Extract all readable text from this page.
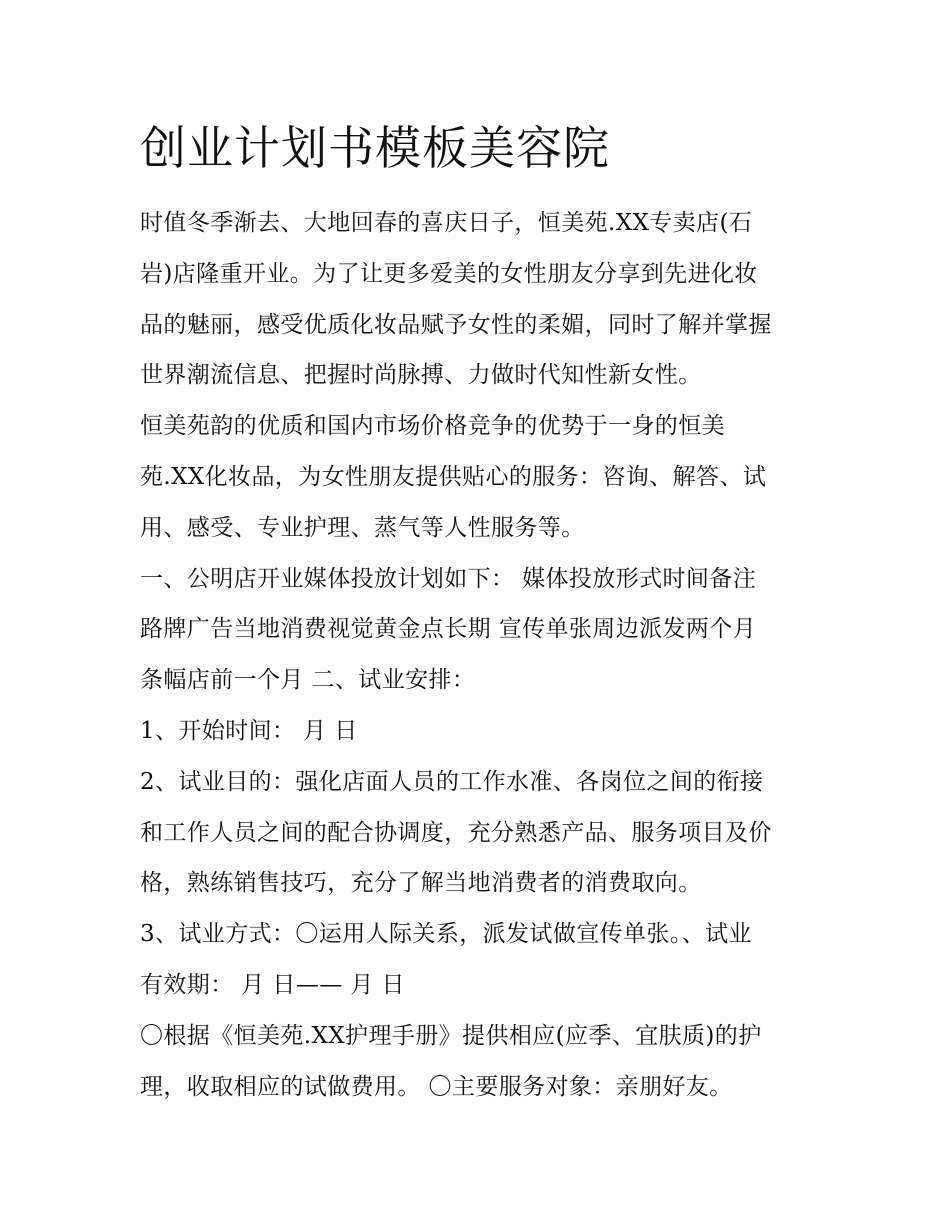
创业计划书模板美容院
时值冬季渐去、大地回春的喜庆日子，恒美苑.XX专卖店(石
岩)店隆重开业。为了让更多爱美的女性朋友分享到先进化妆
品的魅丽，感受优质化妆品赋予女性的柔媚，同时了解并掌握
世界潮流信息、把握时尚脉搏、力做时代知性新女性。
恒美苑韵的优质和国内市场价格竞争的优势于一身的恒美
苑.XX化妆品，为女性朋友提供贴心的服务：咨询、解答、试
用、感受、专业护理、蒸气等人性服务等。
一、公明店开业媒体投放计划如下： 媒体投放形式时间备注
路牌广告当地消费视觉黄金点长期 宣传单张周边派发两个月
条幅店前一个月 二、试业安排：
1、开始时间： 月 日
2、试业目的：强化店面人员的工作水准、各岗位之间的衔接
和工作人员之间的配合协调度，充分熟悉产品、服务项目及价
格，熟练销售技巧，充分了解当地消费者的消费取向。
3、试业方式：〇运用人际关系，派发试做宣传单张。、试业
有效期： 月 日—— 月 日
〇根据《恒美苑.XX护理手册》提供相应(应季、宜肤质)的护
理，收取相应的试做费用。 〇主要服务对象：亲朋好友。
